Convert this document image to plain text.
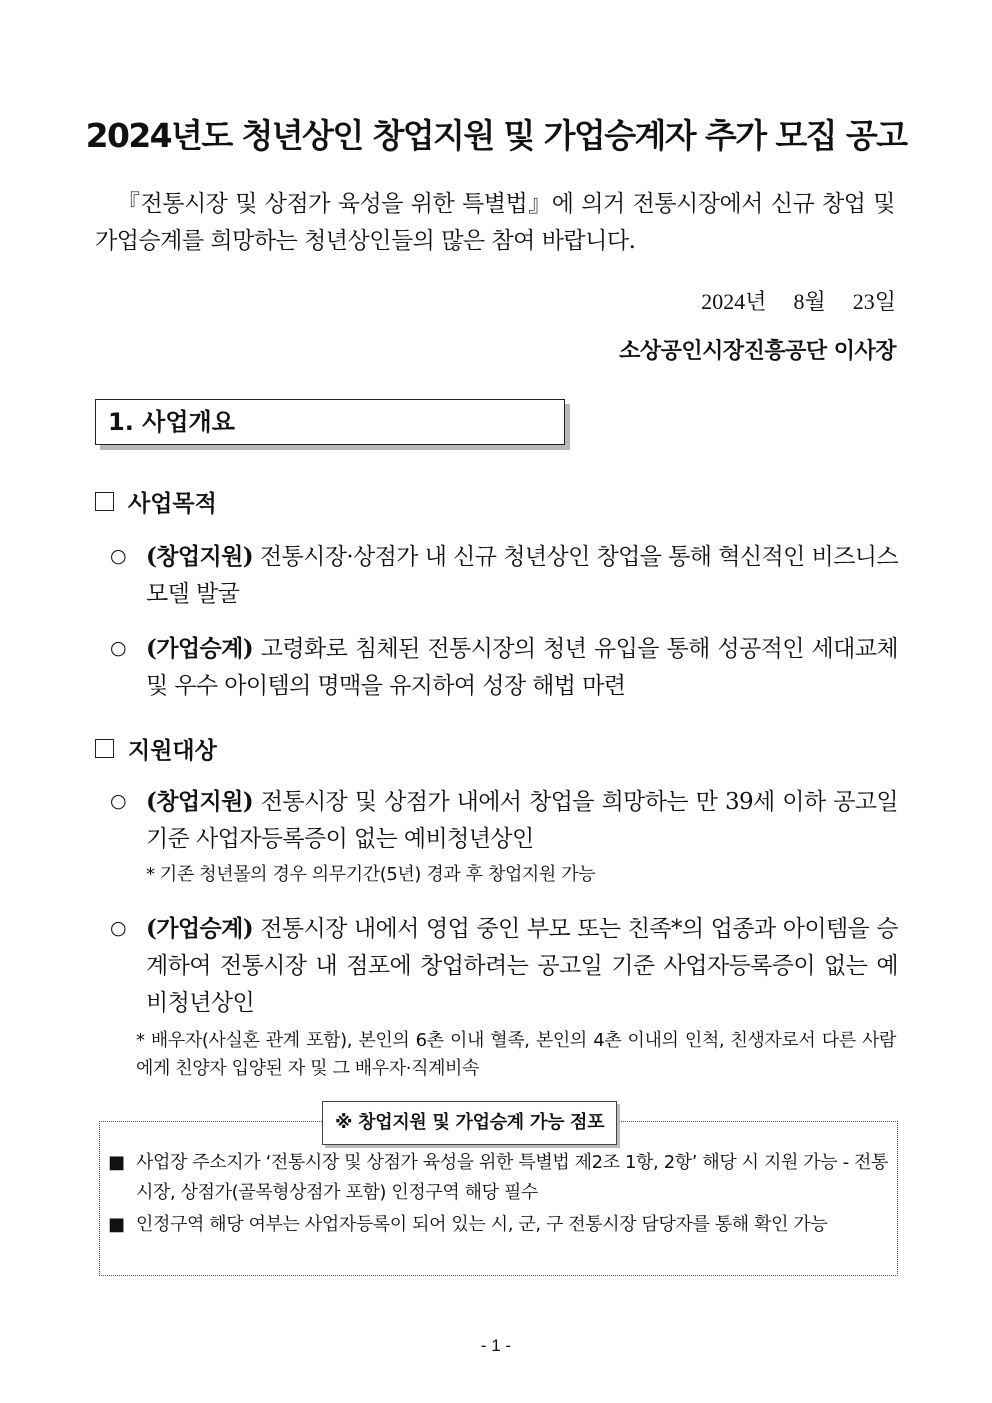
2024년도 청년상인 창업지원 및 가업승계자 추가 모집 공고

『전통시장 및 상점가 육성을 위한 특별법』에 의거 전통시장에서 신규 창업 및 가업승계를 희망하는 청년상인들의 많은 참여 바랍니다.

2024년  8월  23일
소상공인시장진흥공단 이사장
1. 사업개요
사업목적
○ (창업지원) 전통시장·상점가 내 신규 청년상인 창업을 통해 혁신적인 비즈니스 모델 발굴
○ (가업승계) 고령화로 침체된 전통시장의 청년 유입을 통해 성공적인 세대교체 및 우수 아이템의 명맥을 유지하여 성장 해법 마련
지원대상
○ (창업지원) 전통시장 및 상점가 내에서 창업을 희망하는 만 39세 이하 공고일 기준 사업자등록증이 없는 예비청년상인
* 기존 청년몰의 경우 의무기간(5년) 경과 후 창업지원 가능
○ (가업승계) 전통시장 내에서 영업 중인 부모 또는 친족*의 업종과 아이템을 승계하여 전통시장 내 점포에 창업하려는 공고일 기준 사업자등록증이 없는 예비청년상인
* 배우자(사실혼 관계 포함), 본인의 6촌 이내 혈족, 본인의 4촌 이내의 인척, 친생자로서 다른 사람에게 친양자 입양된 자 및 그 배우자·직계비속
※ 창업지원 및 가업승계 가능 점포
■ 사업장 주소지가 ‘전통시장 및 상점가 육성을 위한 특별법 제2조 1항, 2항’ 해당 시 지원 가능 - 전통시장, 상점가(골목형상점가 포함) 인정구역 해당 필수
■ 인정구역 해당 여부는 사업자등록이 되어 있는 시, 군, 구 전통시장 담당자를 통해 확인 가능
- 1 -
